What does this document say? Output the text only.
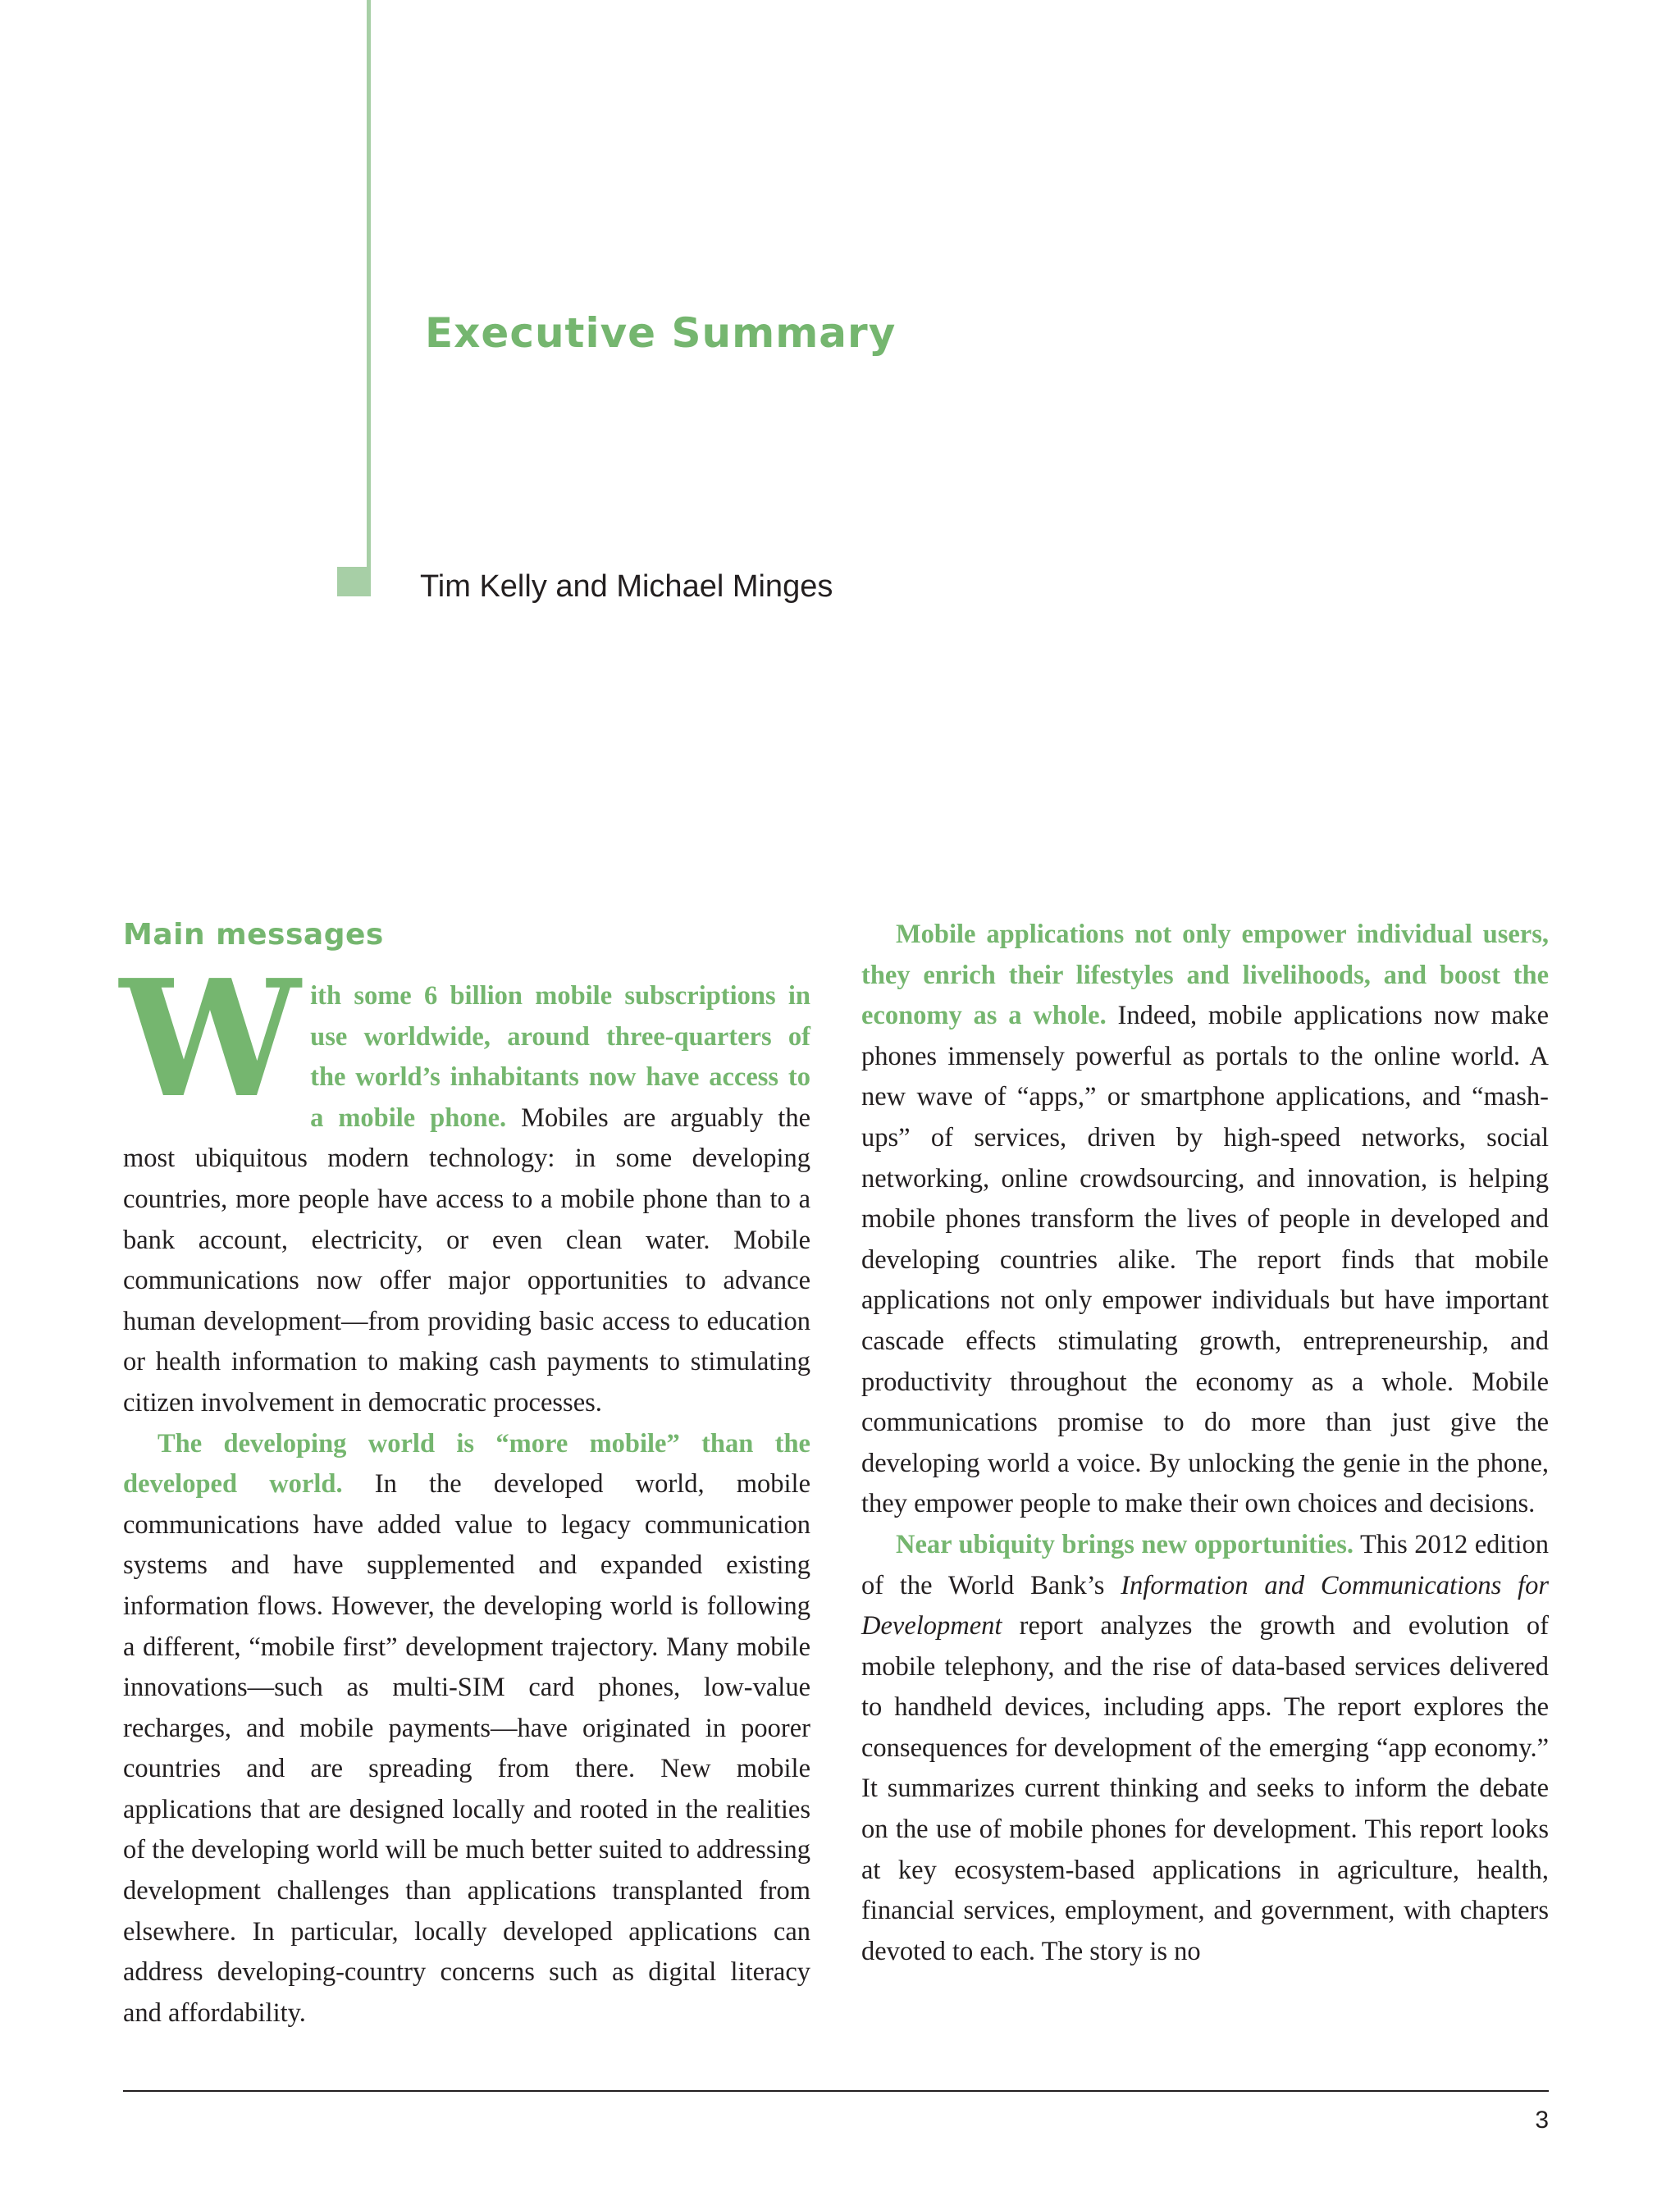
Executive Summary

Tim Kelly and Michael Minges

Main messages

With some 6 billion mobile subscriptions in use worldwide, around three-quarters of the world’s inhabitants now have access to a mobile phone. Mobiles are arguably the most ubiquitous modern technology: in some developing countries, more people have access to a mobile phone than to a bank account, electricity, or even clean water. Mobile communications now offer major opportunities to advance human development—from providing basic access to education or health information to making cash payments to stimulating citizen involvement in democratic processes.

The developing world is “more mobile” than the developed world. In the developed world, mobile communications have added value to legacy communication systems and have supplemented and expanded existing information flows. However, the developing world is following a different, “mobile first” development trajectory. Many mobile innovations—such as multi-SIM card phones, low-value recharges, and mobile payments—have originated in poorer countries and are spreading from there. New mobile applications that are designed locally and rooted in the realities of the developing world will be much better suited to addressing development challenges than applications transplanted from elsewhere. In particular, locally developed applications can address developing-country concerns such as digital literacy and affordability.

Mobile applications not only empower individual users, they enrich their lifestyles and livelihoods, and boost the economy as a whole. Indeed, mobile applications now make phones immensely powerful as portals to the online world. A new wave of “apps,” or smartphone applications, and “mash-ups” of services, driven by high-speed networks, social networking, online crowdsourcing, and innovation, is helping mobile phones transform the lives of people in developed and developing countries alike. The report finds that mobile applications not only empower individuals but have important cascade effects stimulating growth, entrepreneurship, and productivity throughout the economy as a whole. Mobile communications promise to do more than just give the developing world a voice. By unlocking the genie in the phone, they empower people to make their own choices and decisions.

Near ubiquity brings new opportunities. This 2012 edition of the World Bank’s Information and Communications for Development report analyzes the growth and evolution of mobile telephony, and the rise of data-based services delivered to handheld devices, including apps. The report explores the consequences for development of the emerging “app economy.” It summarizes current thinking and seeks to inform the debate on the use of mobile phones for development. This report looks at key ecosystem-based applications in agriculture, health, financial services, employment, and government, with chapters devoted to each. The story is no

3
